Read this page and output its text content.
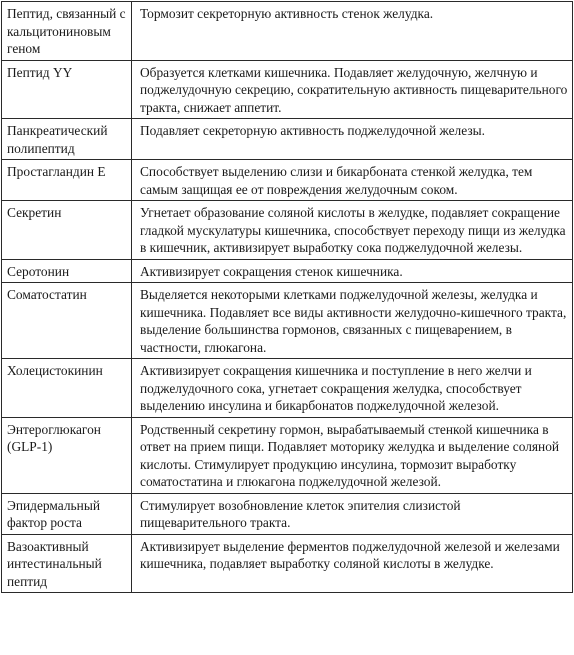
Пептид, связанный с кальцитониновым геном	Тормозит секреторную активность стенок желудка.
Пептид YY	Образуется клетками кишечника. Подавляет желудочную, желчную и поджелудочную секрецию, сократительную активность пищеварительного тракта, снижает аппетит.
Панкреатический полипептид	Подавляет секреторную активность поджелудочной железы.
Простагландин E	Способствует выделению слизи и бикарбоната стенкой желудка, тем самым защищая ее от повреждения желудочным соком.
Секретин	Угнетает образование соляной кислоты в желудке, подавляет сокращение гладкой мускулатуры кишечника, способствует переходу пищи из желудка в кишечник, активизирует выработку сока поджелудочной железы.
Серотонин	Активизирует сокращения стенок кишечника.
Соматостатин	Выделяется некоторыми клетками поджелудочной железы, желудка и кишечника. Подавляет все виды активности желудочно-кишечного тракта, выделение большинства гормонов, связанных с пищеварением, в частности, глюкагона.
Холецистокинин	Активизирует сокращения кишечника и поступление в него желчи и поджелудочного сока, угнетает сокращения желудка, способствует выделению инсулина и бикарбонатов поджелудочной железой.
Энтероглюкагон (GLP-1)	Родственный секретину гормон, вырабатываемый стенкой кишечника в ответ на прием пищи. Подавляет моторику желудка и выделение соляной кислоты. Стимулирует продукцию инсулина, тормозит выработку соматостатина и глюкагона поджелудочной железой.
Эпидермальный фактор роста	Стимулирует возобновление клеток эпителия слизистой пищеварительного тракта.
Вазоактивный интестинальный пептид	Активизирует выделение ферментов поджелудочной железой и железами кишечника, подавляет выработку соляной кислоты в желудке.
